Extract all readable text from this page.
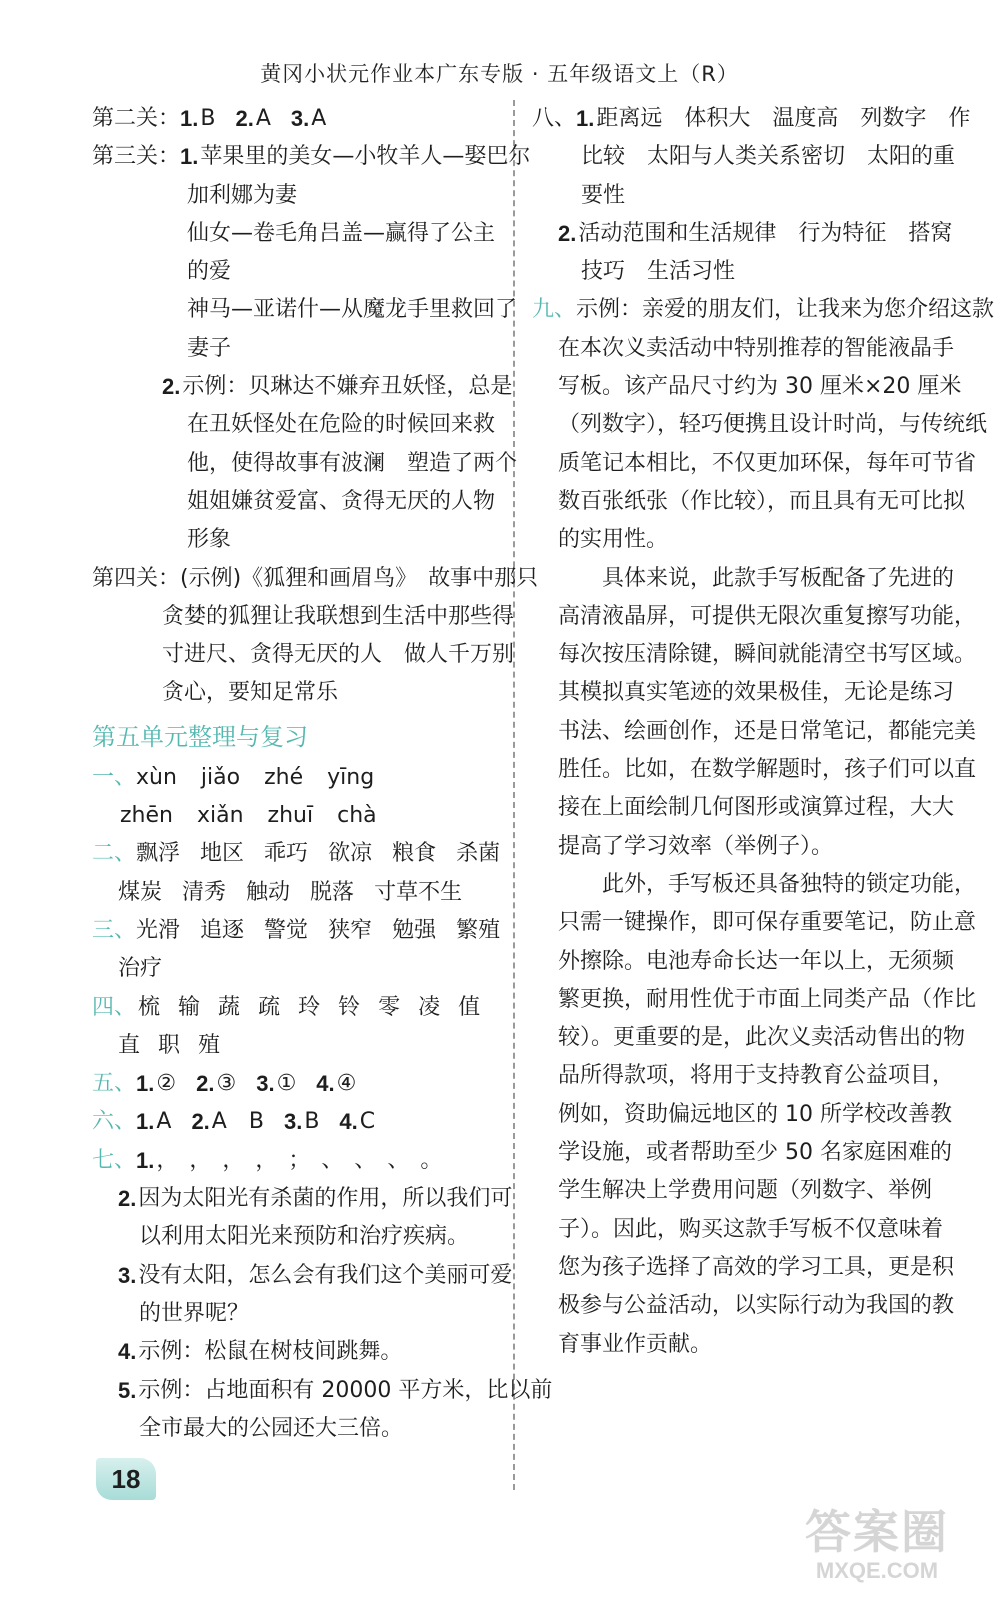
黄冈小状元作业本广东专版 · 五年级语文上（R）
第二关： 1. B 2. A 3. A
第三关： 1. 苹果里的美女—小牧羊人—娶巴尔
加利娜为妻
仙女—卷毛角吕盖—赢得了公主
的爱
神马—亚诺什—从魔龙手里救回了
妻子
2. 示例：贝琳达不嫌弃丑妖怪，总是
在丑妖怪处在危险的时候回来救
他，使得故事有波澜　塑造了两个
姐姐嫌贫爱富、贪得无厌的人物
形象
第四关： (示例)《狐狸和画眉鸟》　故事中那只
贪婪的狐狸让我联想到生活中那些得
寸进尺、贪得无厌的人　做人千万别
贪心，要知足常乐
第五单元整理与复习
一、 xùn jiǎo zhé yīng
zhēn xiǎn zhuī chà
二、 飘浮 地区 乖巧 欲凉 粮食 杀菌
煤炭 清秀 触动 脱落 寸草不生
三、 光滑 追逐 警觉 狭窄 勉强 繁殖
治疗
四、 梳 输 蔬 疏 玲 铃 零 凌 值
直 职 殖
五、 1. ② 2. ③ 3. ① 4. ④
六、 1. A 2. A　B 3. B 4. C
七、 1. ，　，　，　，　；　、　、　、　。
2. 因为太阳光有杀菌的作用，所以我们可
以利用太阳光来预防和治疗疾病。
3. 没有太阳，怎么会有我们这个美丽可爱
的世界呢？
4. 示例：松鼠在树枝间跳舞。
5. 示例：占地面积有 20000 平方米，比以前
全市最大的公园还大三倍。
八、 1. 距离远　体积大　温度高　列数字　作
比较　太阳与人类关系密切　太阳的重
要性
2. 活动范围和生活规律　行为特征　搭窝
技巧　生活习性
九、 示例：亲爱的朋友们，让我来为您介绍这款
在本次义卖活动中特别推荐的智能液晶手
写板。该产品尺寸约为 30 厘米×20 厘米
（列数字），轻巧便携且设计时尚，与传统纸
质笔记本相比，不仅更加环保，每年可节省
数百张纸张（作比较），而且具有无可比拟
的实用性。
具体来说，此款手写板配备了先进的
高清液晶屏，可提供无限次重复擦写功能，
每次按压清除键，瞬间就能清空书写区域。
其模拟真实笔迹的效果极佳，无论是练习
书法、绘画创作，还是日常笔记，都能完美
胜任。比如，在数学解题时，孩子们可以直
接在上面绘制几何图形或演算过程，大大
提高了学习效率（举例子）。
此外，手写板还具备独特的锁定功能，
只需一键操作，即可保存重要笔记，防止意
外擦除。电池寿命长达一年以上，无须频
繁更换，耐用性优于市面上同类产品（作比
较）。更重要的是，此次义卖活动售出的物
品所得款项，将用于支持教育公益项目，
例如，资助偏远地区的 10 所学校改善教
学设施，或者帮助至少 50 名家庭困难的
学生解决上学费用问题（列数字、举例
子）。因此，购买这款手写板不仅意味着
您为孩子选择了高效的学习工具，更是积
极参与公益活动，以实际行动为我国的教
育事业作贡献。
18
答案圈
MXQE.COM
